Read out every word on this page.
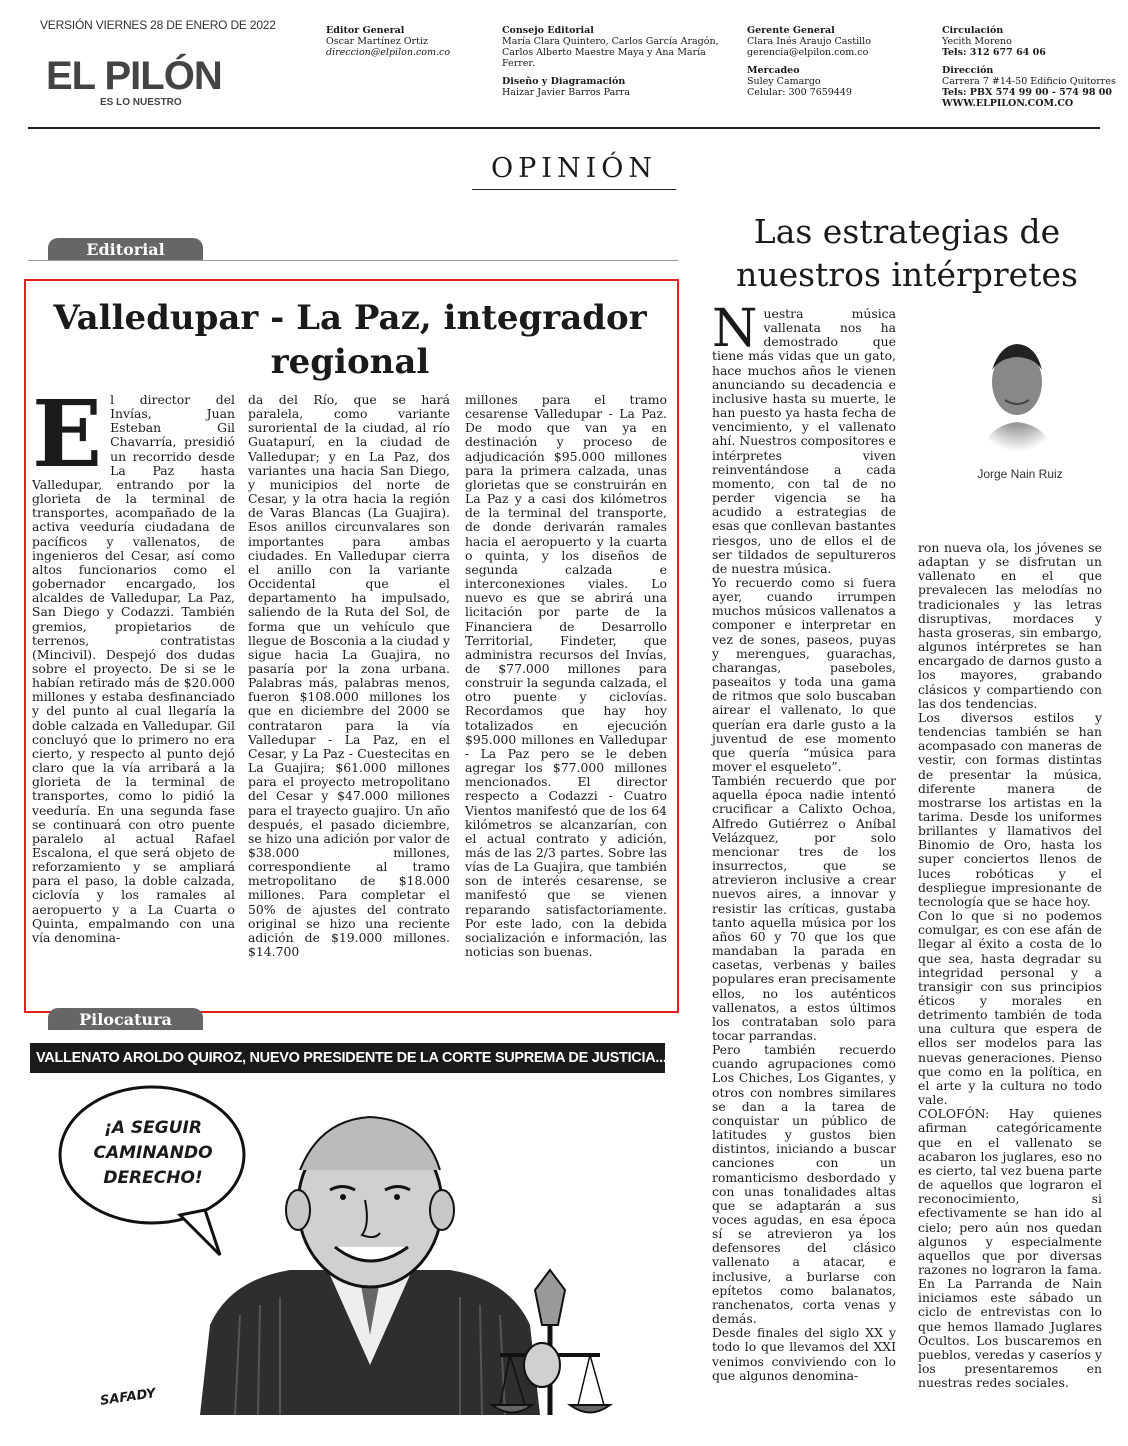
VERSIÓN VIERNES 28 DE ENERO DE 2022
EL PILÓN
ES LO NUESTRO
Editor General
Oscar Martínez Ortiz
direccion@elpilon.com.co
Consejo Editorial
María Clara Quintero, Carlos García Aragón,
Carlos Alberto Maestre Maya y Ana María
Ferrer.
Diseño y Diagramación
Haizar Javier Barros Parra
Gerente General
Clara Inés Araujo Castillo
gerencia@elpilon.com.co
Mercadeo
Suley Camargo
Celular: 300 7659449
Circulación
Yecith Moreno
Tels: 312 677 64 06
Dirección
Carrera 7 #14-50 Edificio Quitorres
Tels: PBX 574 99 00 - 574 98 00
WWW.ELPILON.COM.CO
OPINIÓN
Editorial
Valledupar - La Paz, integrador regional
E l director del Invías, Juan Esteban Gil Chavarría, presidió un recorrido desde La Paz hasta Valledupar, entrando por la glorieta de la terminal de transportes, acompañado de la activa veeduría ciudadana de pacíficos y vallenatos, de ingenieros del Cesar, así como altos funcionarios como el gobernador encargado, los alcaldes de Valledupar, La Paz, San Diego y Codazzi. También gremios, propietarios de terrenos, contratistas (Mincivil). Despejó dos dudas sobre el proyecto. De si se le habían retirado más de $20.000 millones y estaba desfinanciado y del punto al cual llegaría la doble calzada en Valledupar. Gil concluyó que lo primero no era cierto, y respecto al punto dejó claro que la vía arribará a la glorieta de la terminal de transportes, como lo pidió la veeduría. En una segunda fase se continuará con otro puente paralelo al actual Rafael Escalona, el que será objeto de reforzamiento y se ampliará para el paso, la doble calzada, ciclovía y los ramales al aeropuerto y a La Cuarta o Quinta, empalmando con una vía denomina-
da del Río, que se hará paralela, como variante suroriental de la ciudad, al río Guatapurí, en la ciudad de Valledupar; y en La Paz, dos variantes una hacia San Diego, y municipios del norte de Cesar, y la otra hacia la región de Varas Blancas (La Guajira). Esos anillos circunvalares son importantes para ambas ciudades. En Valledupar cierra el anillo con la variante Occidental que el departamento ha impulsado, saliendo de la Ruta del Sol, de forma que un vehículo que llegue de Bosconia a la ciudad y sigue hacia La Guajira, no pasaría por la zona urbana. Palabras más, palabras menos, fueron $108.000 millones los que en diciembre del 2000 se contrataron para la vía Valledupar - La Paz, en el Cesar, y La Paz - Cuestecitas en La Guajira; $61.000 millones para el proyecto metropolitano del Cesar y $47.000 millones para el trayecto guajiro. Un año después, el pasado diciembre, se hizo una adición por valor de $38.000 millones, correspondiente al tramo metropolitano de $18.000 millones. Para completar el 50% de ajustes del contrato original se hizo una reciente adición de $19.000 millones. $14.700
millones para el tramo cesarense Valledupar - La Paz. De modo que van ya en destinación y proceso de adjudicación $95.000 millones para la primera calzada, unas glorietas que se construirán en La Paz y a casi dos kilómetros de la terminal del transporte, de donde derivarán ramales hacia el aeropuerto y la cuarta o quinta, y los diseños de segunda calzada e interconexiones viales. Lo nuevo es que se abrirá una licitación por parte de la Financiera de Desarrollo Territorial, Findeter, que administra recursos del Invías, de $77.000 millones para construir la segunda calzada, el otro puente y ciclovías. Recordamos que hay hoy totalizados en ejecución $95.000 millones en Valledupar - La Paz pero se le deben agregar los $77.000 millones mencionados. El director respecto a Codazzi - Cuatro Vientos manifestó que de los 64 kilómetros se alcanzarían, con el actual contrato y adición, más de las 2/3 partes. Sobre las vías de La Guajira, que también son de interés cesarense, se manifestó que se vienen reparando satisfactoriamente. Por este lado, con la debida socialización e información, las noticias son buenas.
Pilocatura
VALLENATO AROLDO QUIROZ, NUEVO PRESIDENTE DE LA CORTE SUPREMA DE JUSTICIA...
¡A SEGUIR
CAMINANDO
DERECHO!
SAFADY
Las estrategias de
nuestros intérpretes
Jorge Nain Ruiz
N uestra música vallenata nos ha demostrado que tiene más vidas que un gato, hace muchos años le vienen anunciando su decadencia e inclusive hasta su muerte, le han puesto ya hasta fecha de vencimiento, y el vallenato ahí. Nuestros compositores e intérpretes viven reinventándose a cada momento, con tal de no perder vigencia se ha acudido a estrategias de esas que conllevan bastantes riesgos, uno de ellos el de ser tildados de sepultureros de nuestra música.

Yo recuerdo como si fuera ayer, cuando irrumpen muchos músicos vallenatos a componer e interpretar en vez de sones, paseos, puyas y merengues, guarachas, charangas, paseboles, paseaitos y toda una gama de ritmos que solo buscaban airear el vallenato, lo que querían era darle gusto a la juventud de ese momento que quería “música para mover el esqueleto”.

También recuerdo que por aquella época nadie intentó crucificar a Calixto Ochoa, Alfredo Gutiérrez o Aníbal Velázquez, por solo mencionar tres de los insurrectos, que se atrevieron inclusive a crear nuevos aires, a innovar y resistir las críticas, gustaba tanto aquella música por los años 60 y 70 que los que mandaban la parada en casetas, verbenas y bailes populares eran precisamente ellos, no los auténticos vallenatos, a estos últimos los contrataban solo para tocar parrandas.

Pero también recuerdo cuando agrupaciones como Los Chiches, Los Gigantes, y otros con nombres similares se dan a la tarea de conquistar un público de latitudes y gustos bien distintos, iniciando a buscar canciones con un romanticismo desbordado y con unas tonalidades altas que se adaptarán a sus voces agudas, en esa época sí se atrevieron ya los defensores del clásico vallenato a atacar, e inclusive, a burlarse con epítetos como balanatos, ranchenatos, corta venas y demás.

Desde finales del siglo XX y todo lo que llevamos del XXI venimos conviviendo con lo que algunos denomina-

ron nueva ola, los jóvenes se adaptan y se disfrutan un vallenato en el que prevalecen las melodías no tradicionales y las letras disruptivas, mordaces y hasta groseras, sin embargo, algunos intérpretes se han encargado de darnos gusto a los mayores, grabando clásicos y compartiendo con las dos tendencias.

Los diversos estilos y tendencias también se han acompasado con maneras de vestir, con formas distintas de presentar la música, diferente manera de mostrarse los artistas en la tarima. Desde los uniformes brillantes y llamativos del Binomio de Oro, hasta los super conciertos llenos de luces robóticas y el despliegue impresionante de tecnología que se hace hoy.

Con lo que si no podemos comulgar, es con ese afán de llegar al éxito a costa de lo que sea, hasta degradar su integridad personal y a transigir con sus principios éticos y morales en detrimento también de toda una cultura que espera de ellos ser modelos para las nuevas generaciones. Pienso que como en la política, en el arte y la cultura no todo vale.

COLOFÓN: Hay quienes afirman categóricamente que en el vallenato se acabaron los juglares, eso no es cierto, tal vez buena parte de aquellos que lograron el reconocimiento, si efectivamente se han ido al cielo; pero aún nos quedan algunos y especialmente aquellos que por diversas razones no lograron la fama. En La Parranda de Nain iniciamos este sábado un ciclo de entrevistas con lo que hemos llamado Juglares Ocultos. Los buscaremos en pueblos, veredas y caseríos y los presentaremos en nuestras redes sociales.
